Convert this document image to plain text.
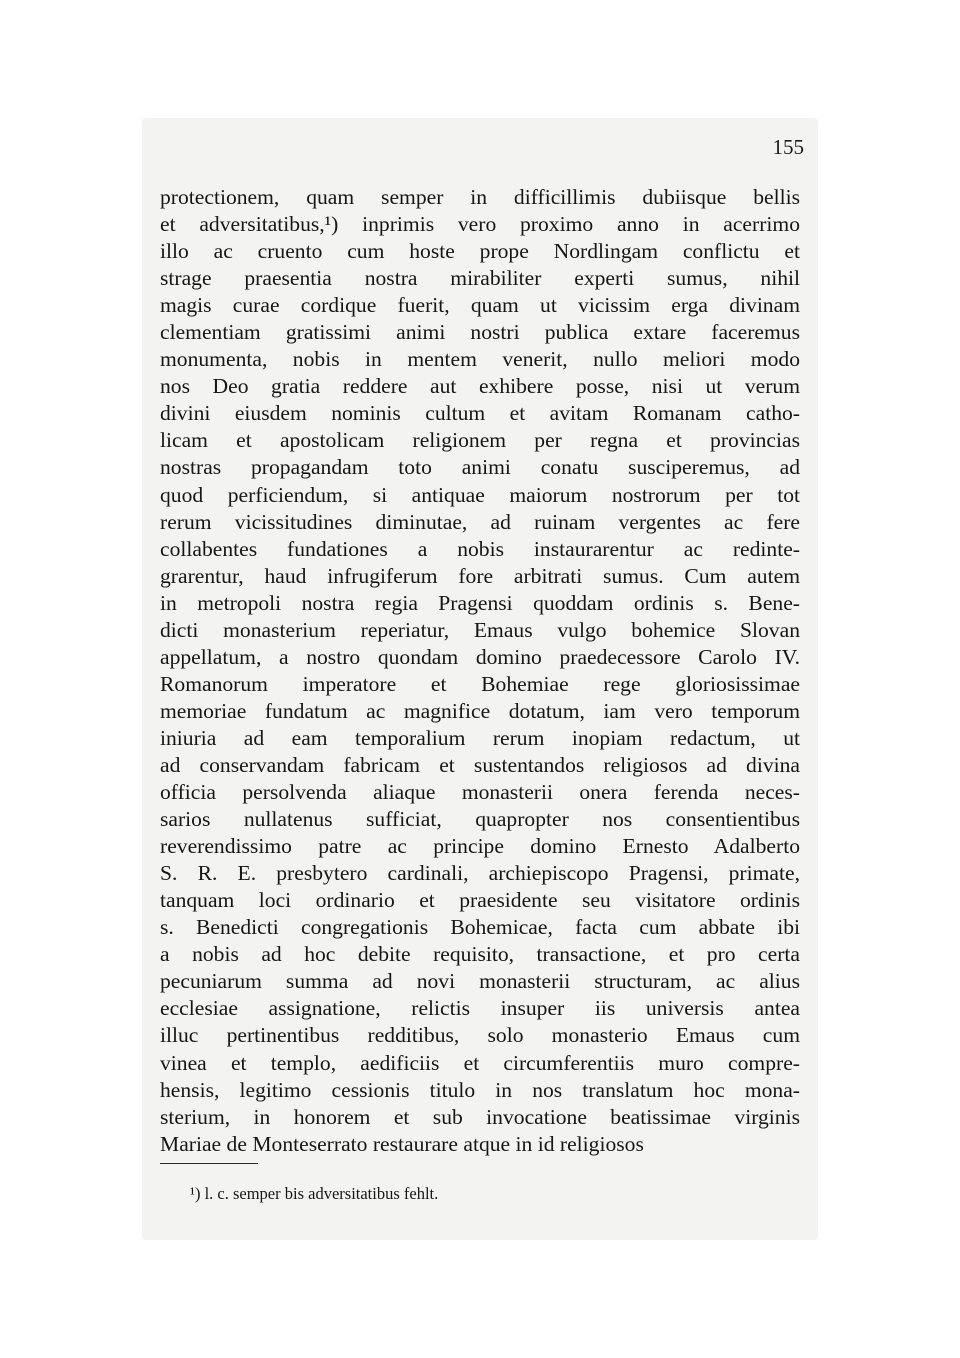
155
protectionem, quam semper in difficillimis dubiisque bellis
et adversitatibus,¹) inprimis vero proximo anno in acerrimo
illo ac cruento cum hoste prope Nordlingam conflictu et
strage praesentia nostra mirabiliter experti sumus, nihil
magis curae cordique fuerit, quam ut vicissim erga divinam
clementiam gratissimi animi nostri publica extare faceremus
monumenta, nobis in mentem venerit, nullo meliori modo
nos Deo gratia reddere aut exhibere posse, nisi ut verum
divini eiusdem nominis cultum et avitam Romanam catho-
licam et apostolicam religionem per regna et provincias
nostras propagandam toto animi conatu susciperemus, ad
quod perficiendum, si antiquae maiorum nostrorum per tot
rerum vicissitudines diminutae, ad ruinam vergentes ac fere
collabentes fundationes a nobis instaurarentur ac redinte-
grarentur, haud infrugiferum fore arbitrati sumus. Cum autem
in metropoli nostra regia Pragensi quoddam ordinis s. Bene-
dicti monasterium reperiatur, Emaus vulgo bohemice Slovan
appellatum, a nostro quondam domino praedecessore Carolo IV.
Romanorum imperatore et Bohemiae rege gloriosissimae
memoriae fundatum ac magnifice dotatum, iam vero temporum
iniuria ad eam temporalium rerum inopiam redactum, ut
ad conservandam fabricam et sustentandos religiosos ad divina
officia persolvenda aliaque monasterii onera ferenda neces-
sarios nullatenus sufficiat, quapropter nos consentientibus
reverendissimo patre ac principe domino Ernesto Adalberto
S. R. E. presbytero cardinali, archiepiscopo Pragensi, primate,
tanquam loci ordinario et praesidente seu visitatore ordinis
s. Benedicti congregationis Bohemicae, facta cum abbate ibi
a nobis ad hoc debite requisito, transactione, et pro certa
pecuniarum summa ad novi monasterii structuram, ac alius
ecclesiae assignatione, relictis insuper iis universis antea
illuc pertinentibus redditibus, solo monasterio Emaus cum
vinea et templo, aedificiis et circumferentiis muro compre-
hensis, legitimo cessionis titulo in nos translatum hoc mona-
sterium, in honorem et sub invocatione beatissimae virginis
Mariae de Monteserrato restaurare atque in id religiosos
¹) l. c. semper bis adversitatibus fehlt.
